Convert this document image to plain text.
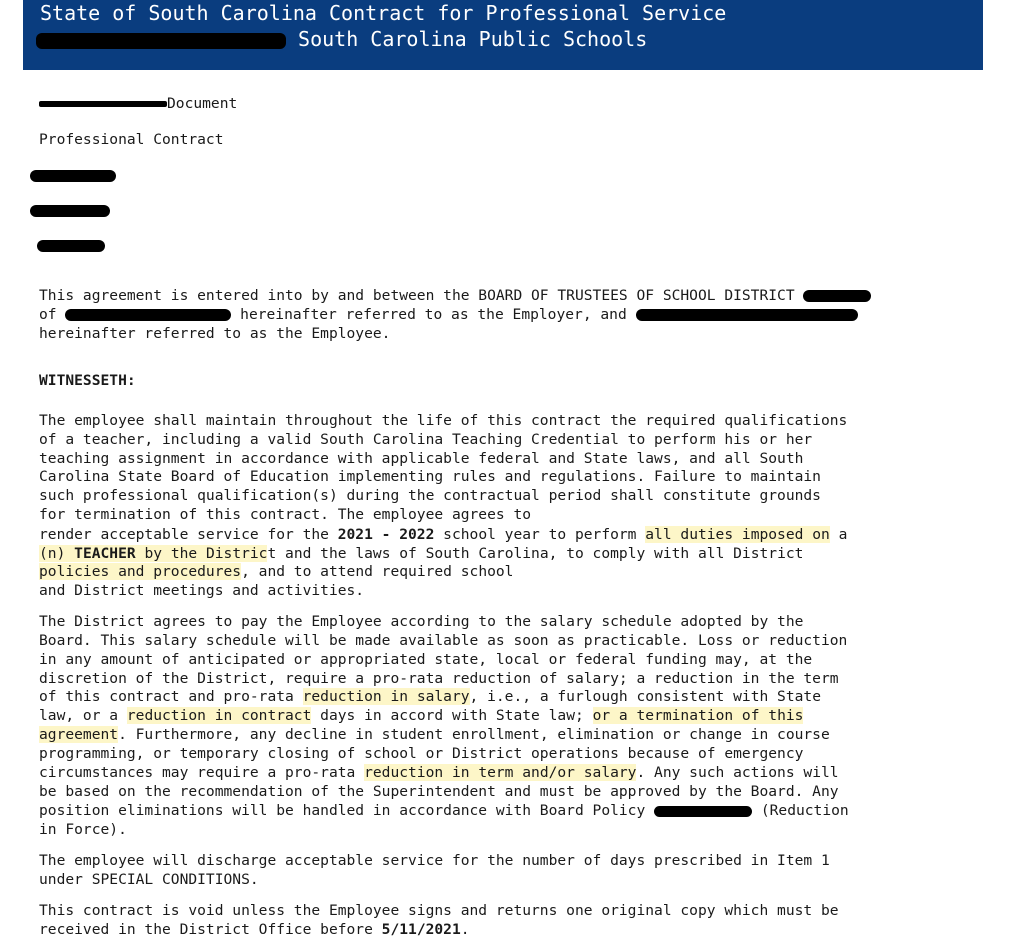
State of South Carolina Contract for Professional Service
South Carolina Public Schools
Document
Professional Contract
This agreement is entered into by and between the BOARD OF TRUSTEES OF SCHOOL DISTRICT
of	hereinafter referred to as the Employer, and
hereinafter referred to as the Employee.
WITNESSETH:
The employee shall maintain throughout the life of this contract the required qualifications
of a teacher, including a valid South Carolina Teaching Credential to perform his or her
teaching assignment in accordance with applicable federal and State laws, and all South
Carolina State Board of Education implementing rules and regulations. Failure to maintain
such professional qualification(s) during the contractual period shall constitute grounds
for termination of this contract. The employee agrees to
render acceptable service for the 2021 - 2022 school year to perform all duties imposed on a
(n) TEACHER by the District and the laws of South Carolina, to comply with all District
policies and procedures, and to attend required school
and District meetings and activities.
The District agrees to pay the Employee according to the salary schedule adopted by the
Board. This salary schedule will be made available as soon as practicable. Loss or reduction
in any amount of anticipated or appropriated state, local or federal funding may, at the
discretion of the District, require a pro-rata reduction of salary; a reduction in the term
of this contract and pro-rata reduction in salary, i.e., a furlough consistent with State
law, or a reduction in contract days in accord with State law; or a termination of this
agreement. Furthermore, any decline in student enrollment, elimination or change in course
programming, or temporary closing of school or District operations because of emergency
circumstances may require a pro-rata reduction in term and/or salary. Any such actions will
be based on the recommendation of the Superintendent and must be approved by the Board. Any
position eliminations will be handled in accordance with Board Policy	(Reduction
in Force).
The employee will discharge acceptable service for the number of days prescribed in Item 1
under SPECIAL CONDITIONS.
This contract is void unless the Employee signs and returns one original copy which must be
received in the District Office before 5/11/2021.
